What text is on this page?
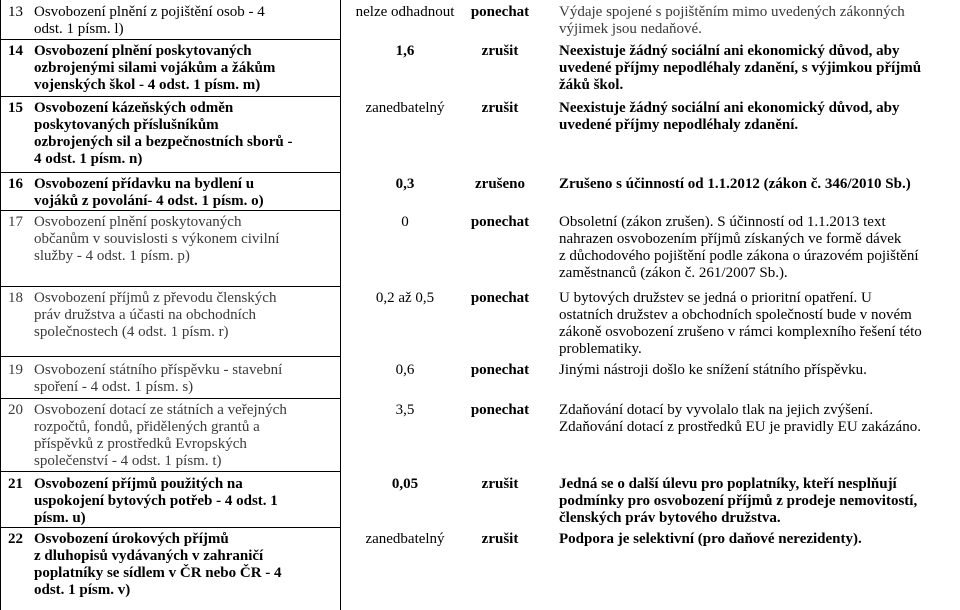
13 Osvobození plnění z pojištění osob - 4
odst. 1 písm. l)
nelze odhadnout	ponechat	Výdaje spojené s pojištěním mimo uvedených zákonných
výjimek jsou nedaňové.
14 Osvobození plnění poskytovaných
ozbrojenými silami vojákům a žákům
vojenských škol - 4 odst. 1 písm. m)
1,6	zrušit	Neexistuje žádný sociální ani ekonomický důvod, aby
uvedené příjmy nepodléhaly zdanění, s výjimkou příjmů
žáků škol.
15 Osvobození kázeňských odměn
poskytovaných příslušníkům
ozbrojených sil a bezpečnostních sborů -
4 odst. 1 písm. n)
zanedbatelný	zrušit	Neexistuje žádný sociální ani ekonomický důvod, aby
uvedené příjmy nepodléhaly zdanění.
16 Osvobození přídavku na bydlení u
vojáků z povolání- 4 odst. 1 písm. o)
0,3	zrušeno	Zrušeno s účinností od 1.1.2012 (zákon č. 346/2010 Sb.)
17 Osvobození plnění poskytovaných
občanům v souvislosti s výkonem civilní
služby - 4 odst. 1 písm. p)
0	ponechat	Obsoletní (zákon zrušen). S účinností od 1.1.2013 text
nahrazen osvobozením příjmů získaných ve formě dávek
z důchodového pojištění podle zákona o úrazovém pojištění
zaměstnanců (zákon č. 261/2007 Sb.).
18 Osvobození příjmů z převodu členských
práv družstva a účasti na obchodních
společnostech (4 odst. 1 písm. r)
0,2 až 0,5	ponechat	U bytových družstev se jedná o prioritní opatření. U
ostatních družstev a obchodních společností bude v novém
zákoně osvobození zrušeno v rámci komplexního řešení této
problematiky.
19 Osvobození státního příspěvku - stavební
spoření - 4 odst. 1 písm. s)
0,6	ponechat	Jinými nástroji došlo ke snížení státního příspěvku.
20 Osvobození dotací ze státních a veřejných
rozpočtů, fondů, přidělených grantů a
příspěvků z prostředků Evropských
společenství - 4 odst. 1 písm. t)
3,5	ponechat	Zdaňování dotací by vyvolalo tlak na jejich zvýšení.
Zdaňování dotací z prostředků EU je pravidly EU zakázáno.
21 Osvobození příjmů použitých na
uspokojení bytových potřeb - 4 odst. 1
písm. u)
0,05	zrušit	Jedná se o další úlevu pro poplatníky, kteří nesplňují
podmínky pro osvobození příjmů z prodeje nemovitostí,
členských práv bytového družstva.
22 Osvobození úrokových příjmů
z dluhopisů vydávaných v zahraničí
poplatníky se sídlem v ČR nebo ČR - 4
odst. 1 písm. v)
zanedbatelný	zrušit	Podpora je selektivní (pro daňové nerezidenty).
